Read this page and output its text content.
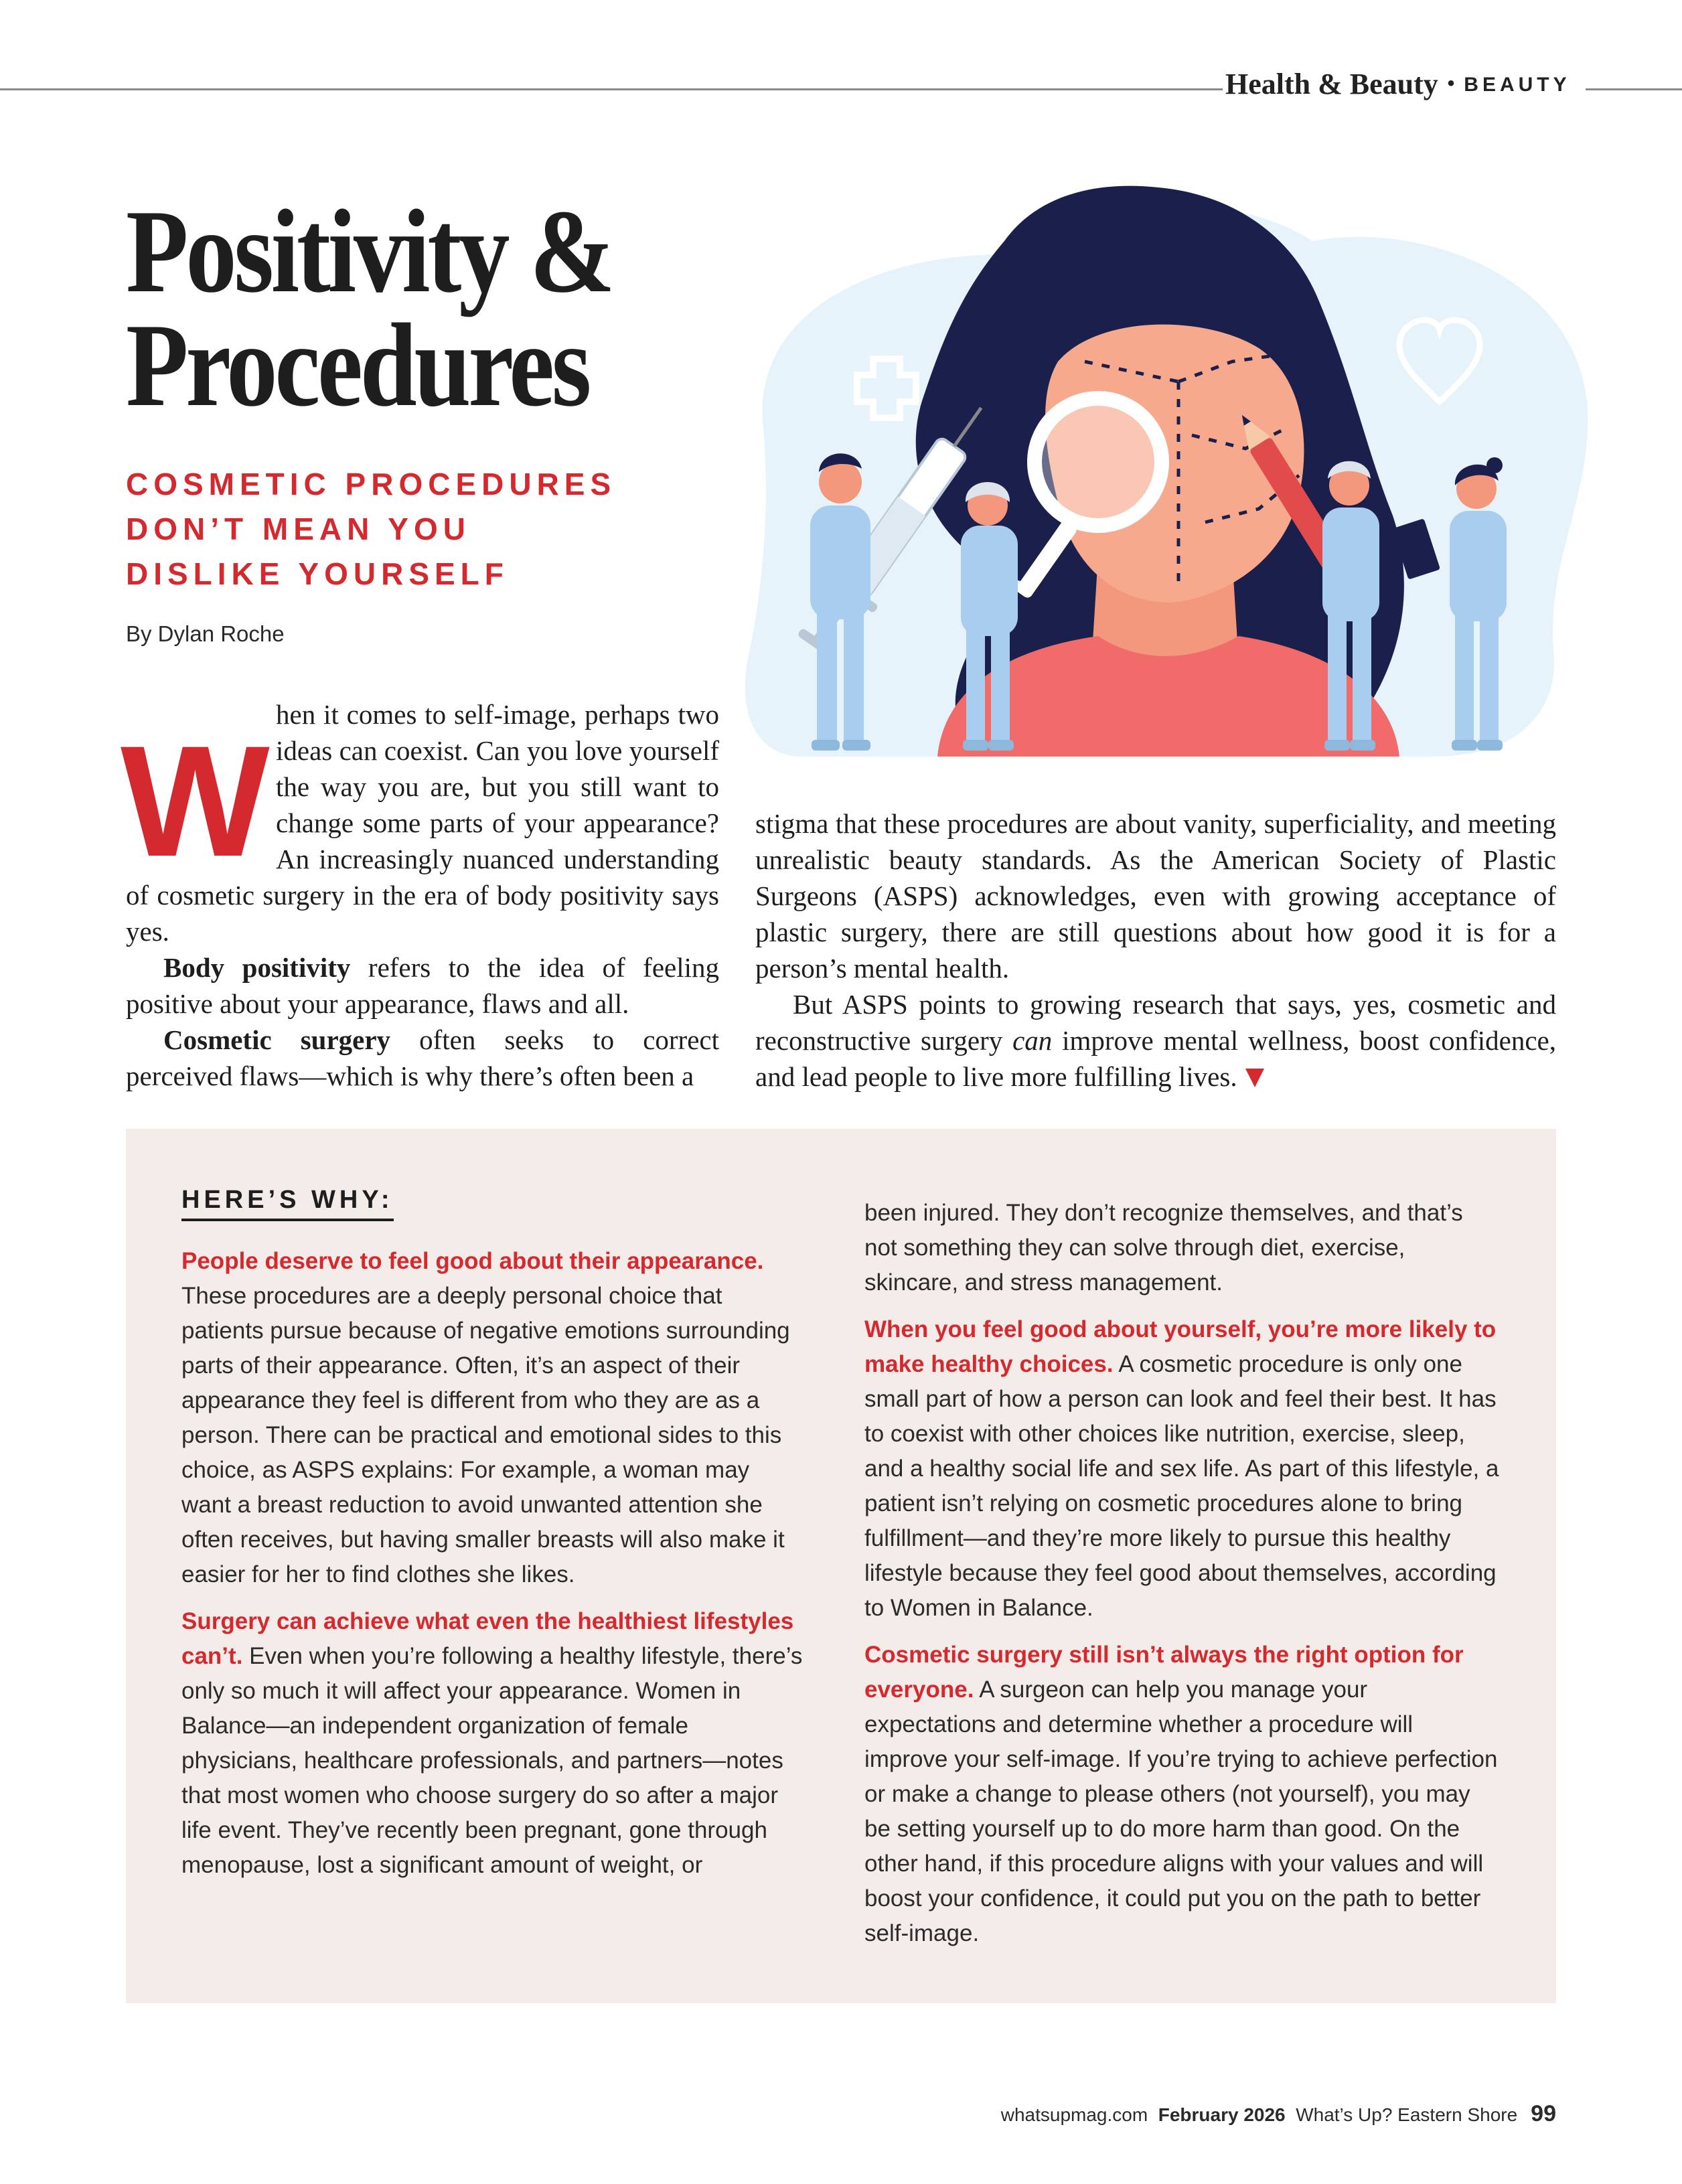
Health & Beauty • BEAUTY
Positivity &
Procedures
COSMETIC PROCEDURES
DON’T MEAN YOU
DISLIKE YOURSELF
By Dylan Roche
W hen it comes to self-image, perhaps two ideas can coexist. Can you love yourself the way you are, but you still want to change some parts of your appearance? An increasingly nuanced understanding of cosmetic surgery in the era of body positivity says yes.

Body positivity refers to the idea of feeling positive about your appearance, flaws and all.

Cosmetic surgery often seeks to correct perceived flaws—which is why there’s often been a

stigma that these procedures are about vanity, superficiality, and meeting unrealistic beauty standards. As the American Society of Plastic Surgeons (ASPS) acknowledges, even with growing acceptance of plastic surgery, there are still questions about how good it is for a person’s mental health.

But ASPS points to growing research that says, yes, cosmetic and reconstructive surgery can improve mental wellness, boost confidence, and lead people to live more fulfilling lives.

HERE’S WHY:

People deserve to feel good about their appearance. These procedures are a deeply personal choice that patients pursue because of negative emotions surrounding parts of their appearance. Often, it’s an aspect of their appearance they feel is different from who they are as a person. There can be practical and emotional sides to this choice, as ASPS explains: For example, a woman may want a breast reduction to avoid unwanted attention she often receives, but having smaller breasts will also make it easier for her to find clothes she likes.

Surgery can achieve what even the healthiest lifestyles can’t. Even when you’re following a healthy lifestyle, there’s only so much it will affect your appearance. Women in Balance—an independent organization of female physicians, healthcare professionals, and partners—notes that most women who choose surgery do so after a major life event. They’ve recently been pregnant, gone through menopause, lost a significant amount of weight, or

been injured. They don’t recognize themselves, and that’s not something they can solve through diet, exercise, skincare, and stress management.

When you feel good about yourself, you’re more likely to make healthy choices. A cosmetic procedure is only one small part of how a person can look and feel their best. It has to coexist with other choices like nutrition, exercise, sleep, and a healthy social life and sex life. As part of this lifestyle, a patient isn’t relying on cosmetic procedures alone to bring fulfillment—and they’re more likely to pursue this healthy lifestyle because they feel good about themselves, according to Women in Balance.

Cosmetic surgery still isn’t always the right option for everyone. A surgeon can help you manage your expectations and determine whether a procedure will improve your self-image. If you’re trying to achieve perfection or make a change to please others (not yourself), you may be setting yourself up to do more harm than good. On the other hand, if this procedure aligns with your values and will boost your confidence, it could put you on the path to better self-image.

whatsupmag.com February 2026 What’s Up? Eastern Shore 99
